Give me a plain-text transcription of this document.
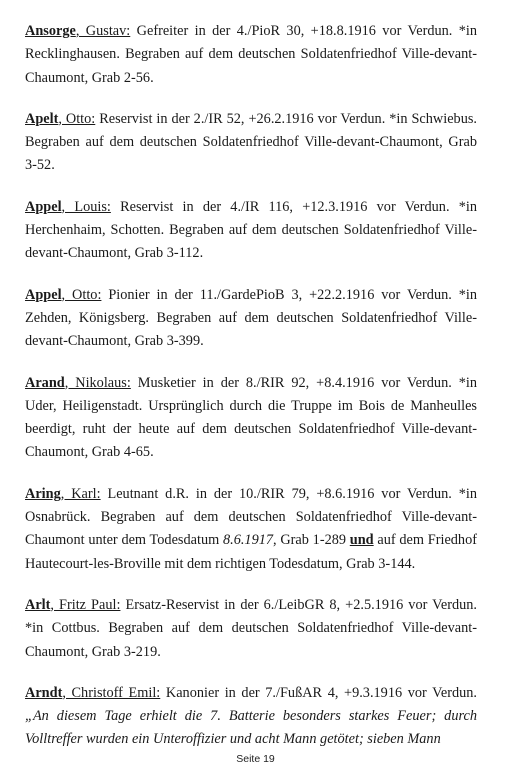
Ansorge, Gustav: Gefreiter in der 4./PioR 30, +18.8.1916 vor Verdun. *in Recklinghausen. Begraben auf dem deutschen Soldatenfriedhof Ville-devant-Chaumont, Grab 2-56.

Apelt, Otto: Reservist in der 2./IR 52, +26.2.1916 vor Verdun. *in Schwiebus. Begraben auf dem deutschen Soldatenfriedhof Ville-devant-Chaumont, Grab 3-52.

Appel, Louis: Reservist in der 4./IR 116, +12.3.1916 vor Verdun. *in Herchenhaim, Schotten. Begraben auf dem deutschen Soldatenfriedhof Ville-devant-Chaumont, Grab 3-112.

Appel, Otto: Pionier in der 11./GardePioB 3, +22.2.1916 vor Verdun. *in Zehden, Königsberg. Begraben auf dem deutschen Soldatenfriedhof Ville-devant-Chaumont, Grab 3-399.

Arand, Nikolaus: Musketier in der 8./RIR 92, +8.4.1916 vor Verdun. *in Uder, Heiligenstadt. Ursprünglich durch die Truppe im Bois de Manheulles beerdigt, ruht der heute auf dem deutschen Soldatenfriedhof Ville-devant-Chaumont, Grab 4-65.

Aring, Karl: Leutnant d.R. in der 10./RIR 79, +8.6.1916 vor Verdun. *in Osnabrück. Begraben auf dem deutschen Soldatenfriedhof Ville-devant-Chaumont unter dem Todesdatum 8.6.1917, Grab 1-289 und auf dem Friedhof Hautecourt-les-Broville mit dem richtigen Todesdatum, Grab 3-144.

Arlt, Fritz Paul: Ersatz-Reservist in der 6./LeibGR 8, +2.5.1916 vor Verdun. *in Cottbus. Begraben auf dem deutschen Soldatenfriedhof Ville-devant-Chaumont, Grab 3-219.

Arndt, Christoff Emil: Kanonier in der 7./FußAR 4, +9.3.1916 vor Verdun. „An diesem Tage erhielt die 7. Batterie besonders starkes Feuer; durch Volltreffer wurden ein Unteroffizier und acht Mann getötet; sieben Mann

Seite 19
